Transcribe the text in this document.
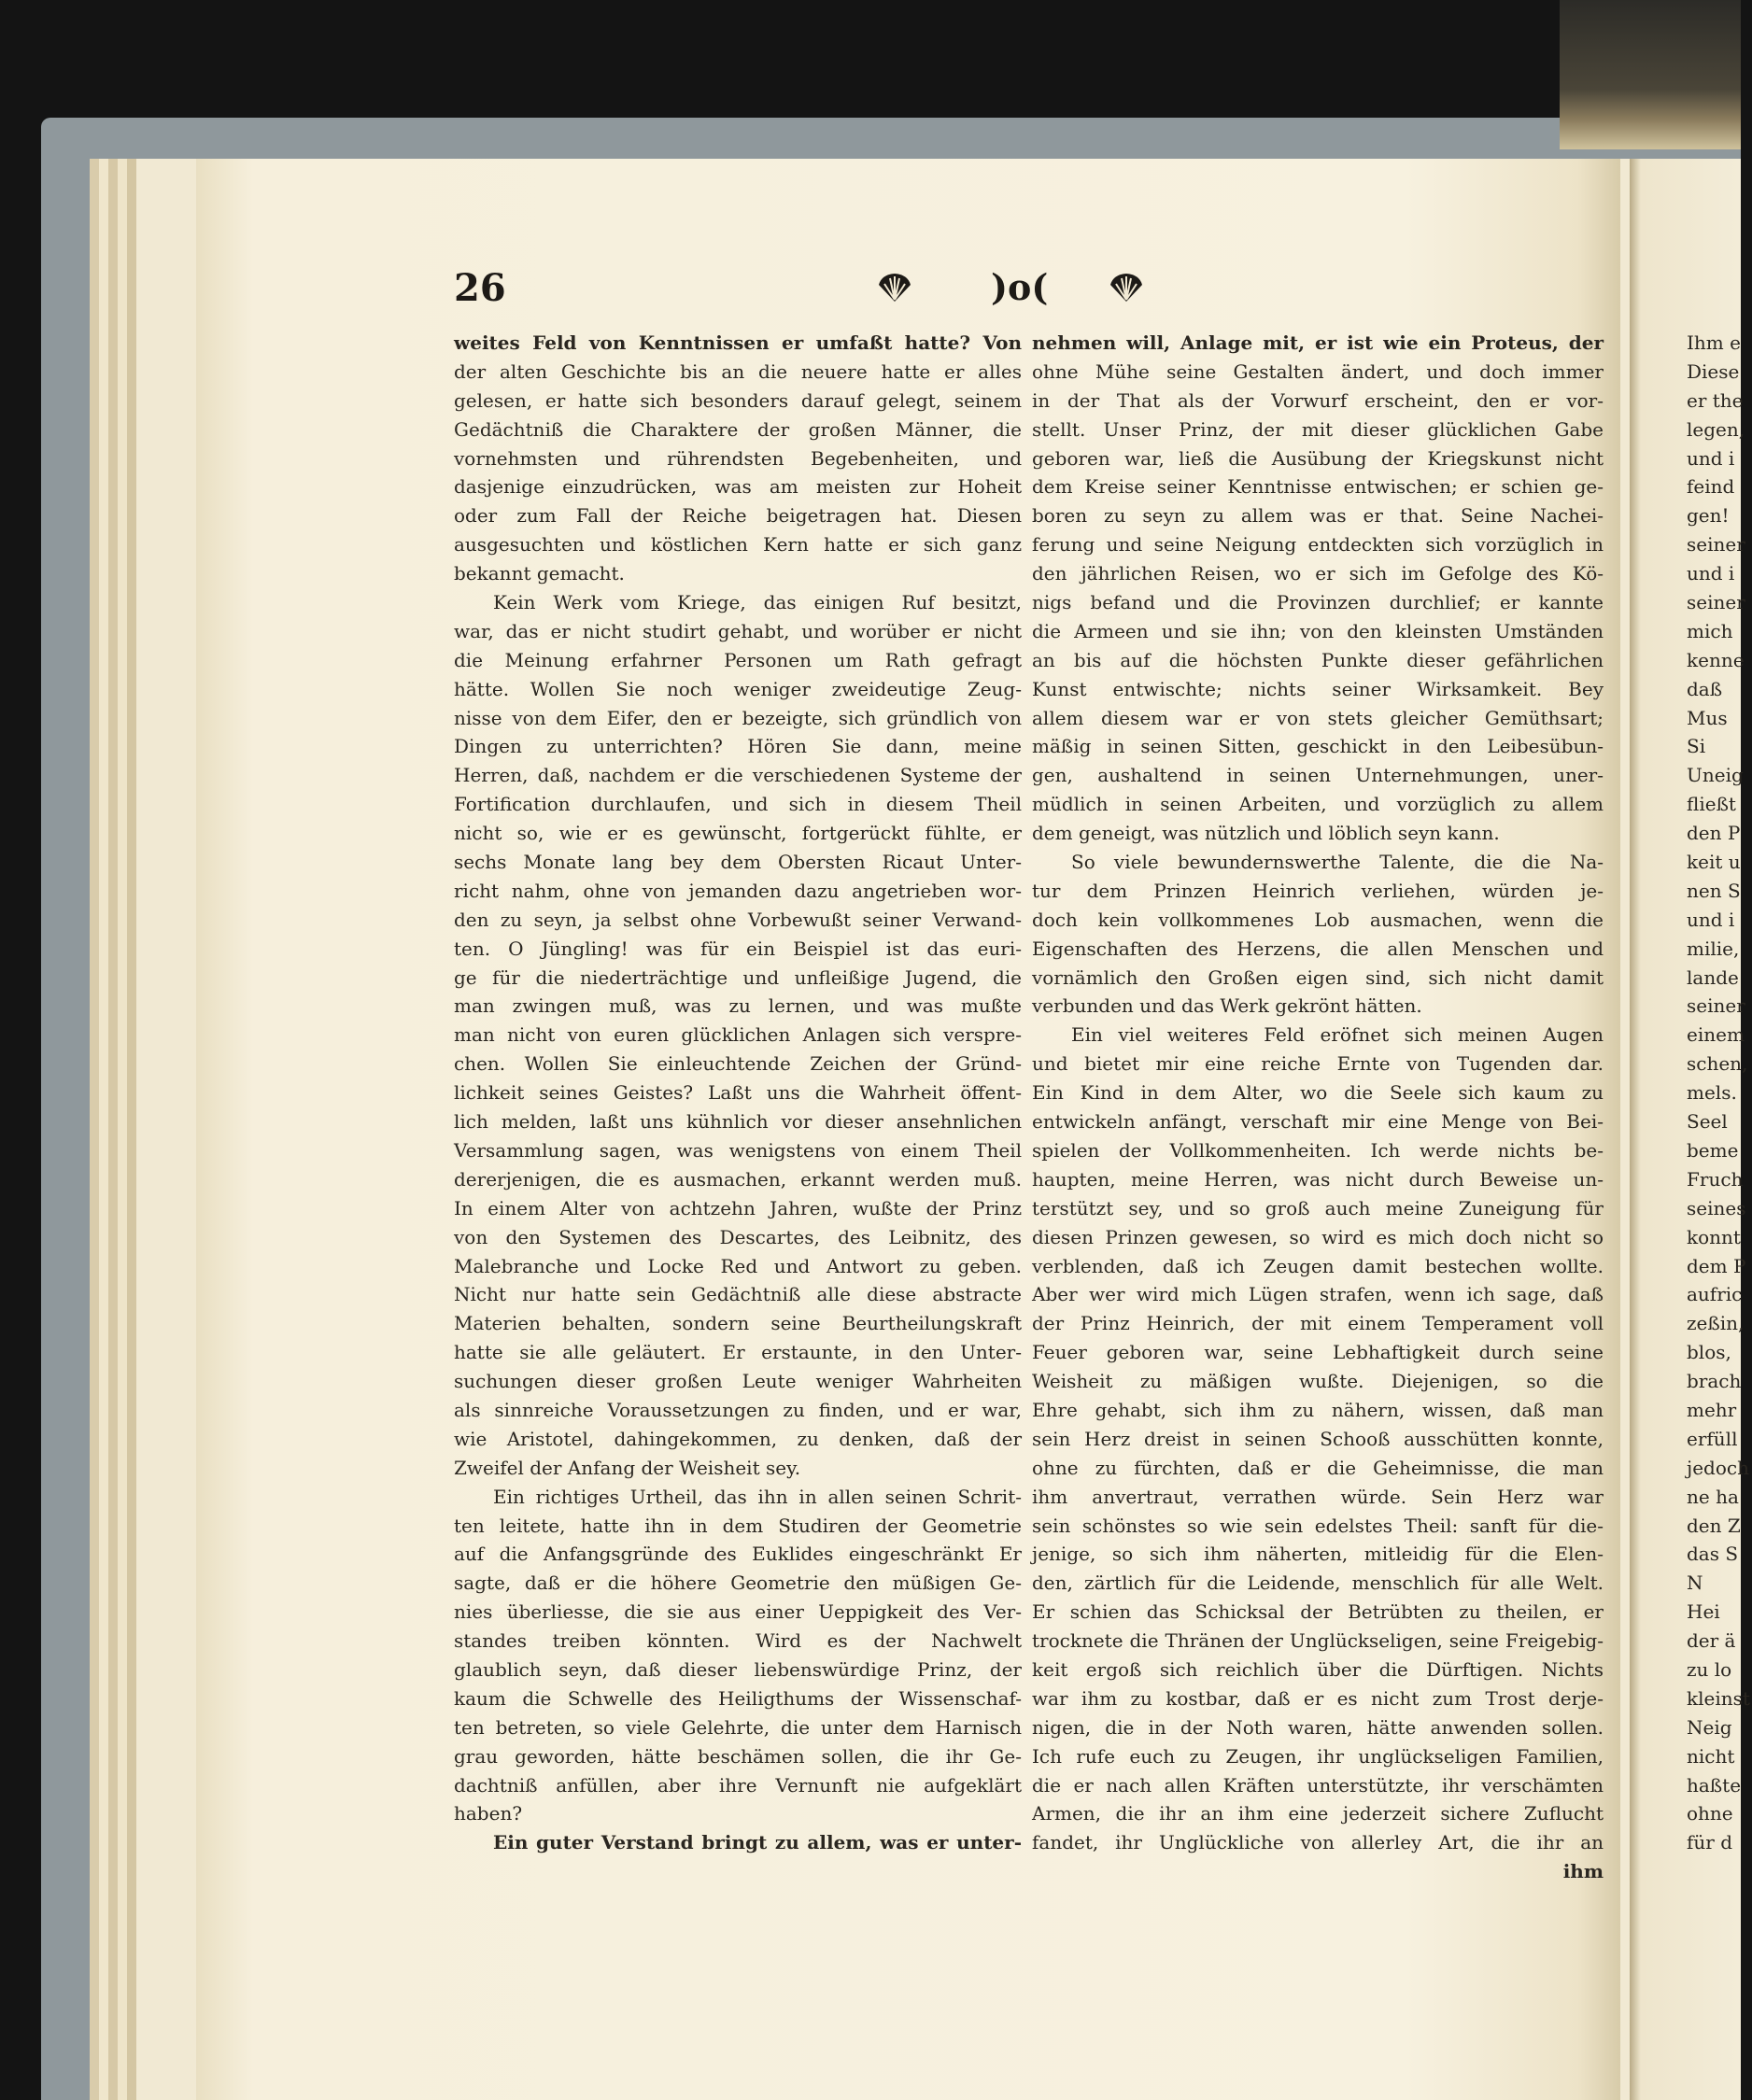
Ihm e
Diese
er the
legen,
und i
feind
gen!
seiner
und i
seiner
mich
kenne
daß
Mus
Si
Uneig
fließt
den P
keit u
nen S
und i
milie,
lande
seiner
einem
schen,
mels.
Seel
beme
Fruch
seines
konnt
dem P
aufric
zeßin,
blos,
brach
mehr
erfüll
jedoch
ne ha
den Z
das S
N
Hei
der ä
zu lo
kleinst
Neig
nicht
haßte
ohne
für d
26	)o(
weites Feld von Kenntnissen er umfaßt hatte? Von
der alten Geschichte bis an die neuere hatte er alles
gelesen, er hatte sich besonders darauf gelegt, seinem
Gedächtniß die Charaktere der großen Männer, die
vornehmsten und rührendsten Begebenheiten, und
dasjenige einzudrücken, was am meisten zur Hoheit
oder zum Fall der Reiche beigetragen hat. Diesen
ausgesuchten und köstlichen Kern hatte er sich ganz
bekannt gemacht.
Kein Werk vom Kriege, das einigen Ruf besitzt,
war, das er nicht studirt gehabt, und worüber er nicht
die Meinung erfahrner Personen um Rath gefragt
hätte. Wollen Sie noch weniger zweideutige Zeug-
nisse von dem Eifer, den er bezeigte, sich gründlich von
Dingen zu unterrichten? Hören Sie dann, meine
Herren, daß, nachdem er die verschiedenen Systeme der
Fortification durchlaufen, und sich in diesem Theil
nicht so, wie er es gewünscht, fortgerückt fühlte, er
sechs Monate lang bey dem Obersten Ricaut Unter-
richt nahm, ohne von jemanden dazu angetrieben wor-
den zu seyn, ja selbst ohne Vorbewußt seiner Verwand-
ten. O Jüngling! was für ein Beispiel ist das euri-
ge für die niederträchtige und unfleißige Jugend, die
man zwingen muß, was zu lernen, und was mußte
man nicht von euren glücklichen Anlagen sich verspre-
chen. Wollen Sie einleuchtende Zeichen der Gründ-
lichkeit seines Geistes? Laßt uns die Wahrheit öffent-
lich melden, laßt uns kühnlich vor dieser ansehnlichen
Versammlung sagen, was wenigstens von einem Theil
dererjenigen, die es ausmachen, erkannt werden muß.
In einem Alter von achtzehn Jahren, wußte der Prinz
von den Systemen des Descartes, des Leibnitz, des
Malebranche und Locke Red und Antwort zu geben.
Nicht nur hatte sein Gedächtniß alle diese abstracte
Materien behalten, sondern seine Beurtheilungskraft
hatte sie alle geläutert. Er erstaunte, in den Unter-
suchungen dieser großen Leute weniger Wahrheiten
als sinnreiche Voraussetzungen zu finden, und er war,
wie Aristotel, dahingekommen, zu denken, daß der
Zweifel der Anfang der Weisheit sey.
Ein richtiges Urtheil, das ihn in allen seinen Schrit-
ten leitete, hatte ihn in dem Studiren der Geometrie
auf die Anfangsgründe des Euklides eingeschränkt Er
sagte, daß er die höhere Geometrie den müßigen Ge-
nies überliesse, die sie aus einer Ueppigkeit des Ver-
standes treiben könnten. Wird es der Nachwelt
glaublich seyn, daß dieser liebenswürdige Prinz, der
kaum die Schwelle des Heiligthums der Wissenschaf-
ten betreten, so viele Gelehrte, die unter dem Harnisch
grau geworden, hätte beschämen sollen, die ihr Ge-
dachtniß anfüllen, aber ihre Vernunft nie aufgeklärt
haben?
Ein guter Verstand bringt zu allem, was er unter-
nehmen will, Anlage mit, er ist wie ein Proteus, der
ohne Mühe seine Gestalten ändert, und doch immer
in der That als der Vorwurf erscheint, den er vor-
stellt. Unser Prinz, der mit dieser glücklichen Gabe
geboren war, ließ die Ausübung der Kriegskunst nicht
dem Kreise seiner Kenntnisse entwischen; er schien ge-
boren zu seyn zu allem was er that. Seine Nachei-
ferung und seine Neigung entdeckten sich vorzüglich in
den jährlichen Reisen, wo er sich im Gefolge des Kö-
nigs befand und die Provinzen durchlief; er kannte
die Armeen und sie ihn; von den kleinsten Umständen
an bis auf die höchsten Punkte dieser gefährlichen
Kunst entwischte; nichts seiner Wirksamkeit. Bey
allem diesem war er von stets gleicher Gemüthsart;
mäßig in seinen Sitten, geschickt in den Leibesübun-
gen, aushaltend in seinen Unternehmungen, uner-
müdlich in seinen Arbeiten, und vorzüglich zu allem
dem geneigt, was nützlich und löblich seyn kann.
So viele bewundernswerthe Talente, die die Na-
tur dem Prinzen Heinrich verliehen, würden je-
doch kein vollkommenes Lob ausmachen, wenn die
Eigenschaften des Herzens, die allen Menschen und
vornämlich den Großen eigen sind, sich nicht damit
verbunden und das Werk gekrönt hätten.
Ein viel weiteres Feld eröfnet sich meinen Augen
und bietet mir eine reiche Ernte von Tugenden dar.
Ein Kind in dem Alter, wo die Seele sich kaum zu
entwickeln anfängt, verschaft mir eine Menge von Bei-
spielen der Vollkommenheiten. Ich werde nichts be-
haupten, meine Herren, was nicht durch Beweise un-
terstützt sey, und so groß auch meine Zuneigung für
diesen Prinzen gewesen, so wird es mich doch nicht so
verblenden, daß ich Zeugen damit bestechen wollte.
Aber wer wird mich Lügen strafen, wenn ich sage, daß
der Prinz Heinrich, der mit einem Temperament voll
Feuer geboren war, seine Lebhaftigkeit durch seine
Weisheit zu mäßigen wußte. Diejenigen, so die
Ehre gehabt, sich ihm zu nähern, wissen, daß man
sein Herz dreist in seinen Schooß ausschütten konnte,
ohne zu fürchten, daß er die Geheimnisse, die man
ihm anvertraut, verrathen würde. Sein Herz war
sein schönstes so wie sein edelstes Theil: sanft für die-
jenige, so sich ihm näherten, mitleidig für die Elen-
den, zärtlich für die Leidende, menschlich für alle Welt.
Er schien das Schicksal der Betrübten zu theilen, er
trocknete die Thränen der Unglückseligen, seine Freigebig-
keit ergoß sich reichlich über die Dürftigen. Nichts
war ihm zu kostbar, daß er es nicht zum Trost derje-
nigen, die in der Noth waren, hätte anwenden sollen.
Ich rufe euch zu Zeugen, ihr unglückseligen Familien,
die er nach allen Kräften unterstützte, ihr verschämten
Armen, die ihr an ihm eine jederzeit sichere Zuflucht
fandet, ihr Unglückliche von allerley Art, die ihr an
ihm
